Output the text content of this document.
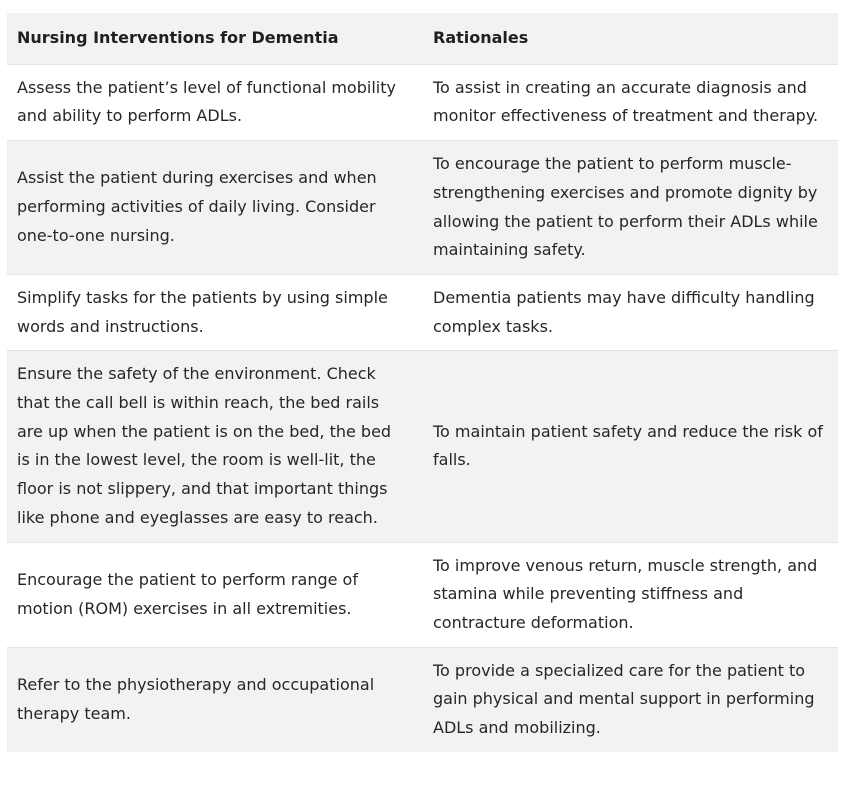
Nursing Interventions for Dementia	Rationales
Assess the patient’s level of functional mobility and ability to perform ADLs.	To assist in creating an accurate diagnosis and monitor effectiveness of treatment and therapy.
Assist the patient during exercises and when performing activities of daily living. Consider one-to-one nursing.	To encourage the patient to perform muscle-strengthening exercises and promote dignity by allowing the patient to perform their ADLs while maintaining safety.
Simplify tasks for the patients by using simple words and instructions.	Dementia patients may have difficulty handling complex tasks.
Ensure the safety of the environment. Check that the call bell is within reach, the bed rails are up when the patient is on the bed, the bed is in the lowest level, the room is well-lit, the floor is not slippery, and that important things like phone and eyeglasses are easy to reach.	To maintain patient safety and reduce the risk of falls.
Encourage the patient to perform range of motion (ROM) exercises in all extremities.	To improve venous return, muscle strength, and stamina while preventing stiffness and contracture deformation.
Refer to the physiotherapy and occupational therapy team.	To provide a specialized care for the patient to gain physical and mental support in performing ADLs and mobilizing.
